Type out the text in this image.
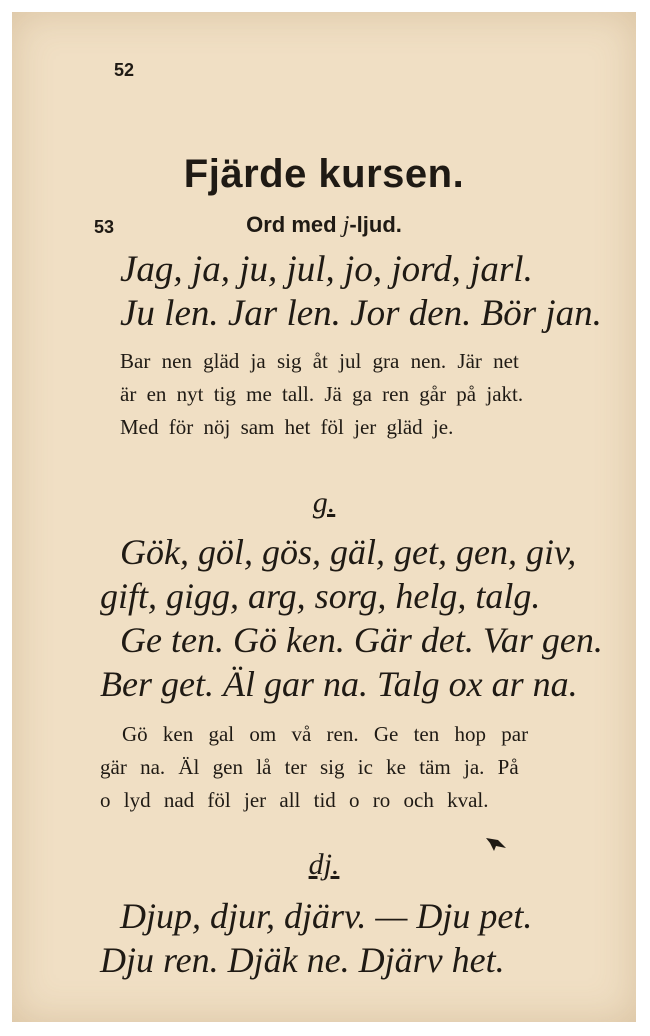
52
Fjärde kursen.
53	Ord med j-ljud.
Jag, ja, ju, jul, jo, jord, jarl.
Ju len. Jar len. Jor den. Bör jan.
Bar nen gläd ja sig åt jul gra nen. Jär net
är en nyt tig me tall. Jä ga ren går på jakt.
Med för nöj sam het föl jer gläd je.
g.
Gök, göl, gös, gäl, get, gen, giv,
gift, gigg, arg, sorg, helg, talg.
Ge ten. Gö ken. Gär det. Var gen.
Ber get. Äl gar na. Talg ox ar na.
Gö ken gal om vå ren. Ge ten hop par
gär na. Äl gen lå ter sig ic ke täm ja. På
o lyd nad föl jer all tid o ro och kval.
dj.
Djup, djur, djärv. — Dju pet.
Dju ren. Djäk ne. Djärv het.
